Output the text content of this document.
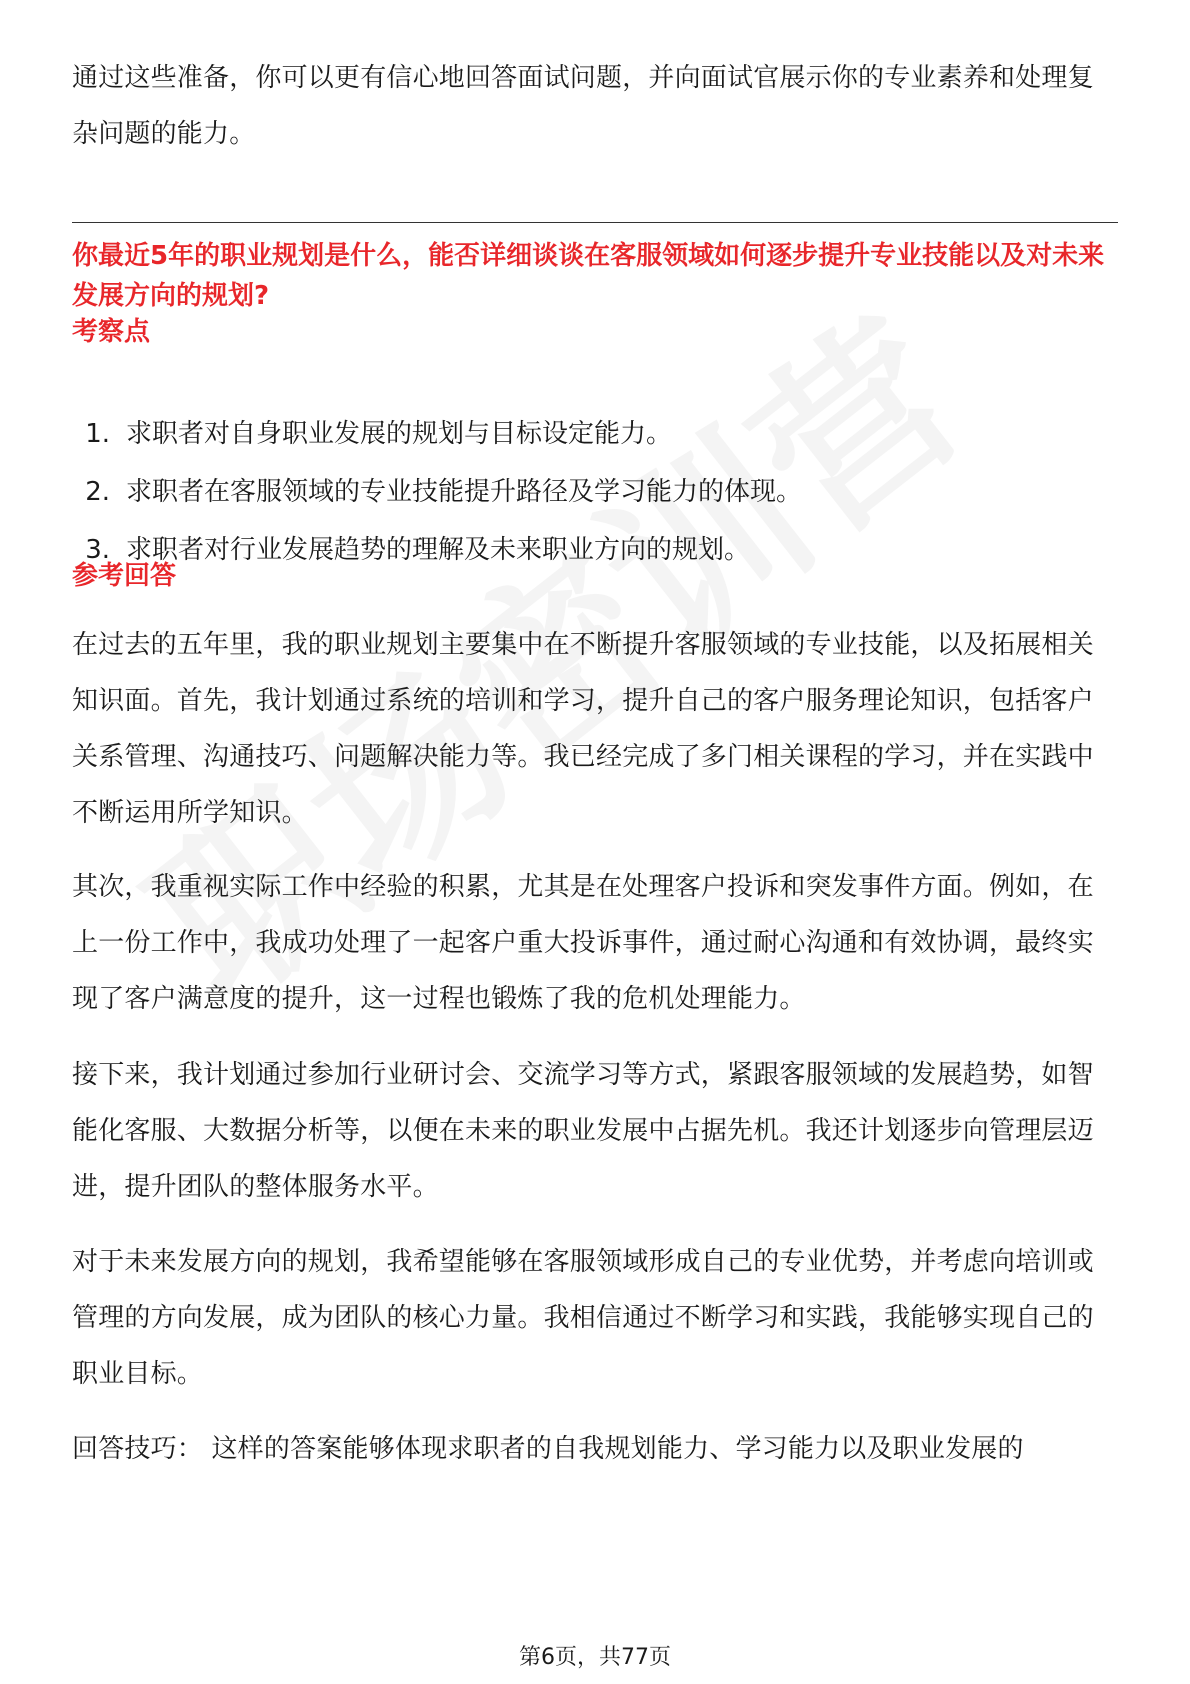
通过这些准备，你可以更有信心地回答面试问题，并向面试官展示你的专业素养和处理复杂问题的能力。

你最近5年的职业规划是什么，能否详细谈谈在客服领域如何逐步提升专业技能以及对未来发展方向的规划?

考察点

1. 求职者对自身职业发展的规划与目标设定能力。
2. 求职者在客服领域的专业技能提升路径及学习能力的体现。
3. 求职者对行业发展趋势的理解及未来职业方向的规划。

参考回答

在过去的五年里，我的职业规划主要集中在不断提升客服领域的专业技能，以及拓展相关知识面。首先，我计划通过系统的培训和学习，提升自己的客户服务理论知识，包括客户关系管理、沟通技巧、问题解决能力等。我已经完成了多门相关课程的学习，并在实践中不断运用所学知识。

其次，我重视实际工作中经验的积累，尤其是在处理客户投诉和突发事件方面。例如，在上一份工作中，我成功处理了一起客户重大投诉事件，通过耐心沟通和有效协调，最终实现了客户满意度的提升，这一过程也锻炼了我的危机处理能力。

接下来，我计划通过参加行业研讨会、交流学习等方式，紧跟客服领域的发展趋势，如智能化客服、大数据分析等，以便在未来的职业发展中占据先机。我还计划逐步向管理层迈进，提升团队的整体服务水平。

对于未来发展方向的规划，我希望能够在客服领域形成自己的专业优势，并考虑向培训或管理的方向发展，成为团队的核心力量。我相信通过不断学习和实践，我能够实现自己的职业目标。

回答技巧： 这样的答案能够体现求职者的自我规划能力、学习能力以及职业发展的

第6页，共77页
